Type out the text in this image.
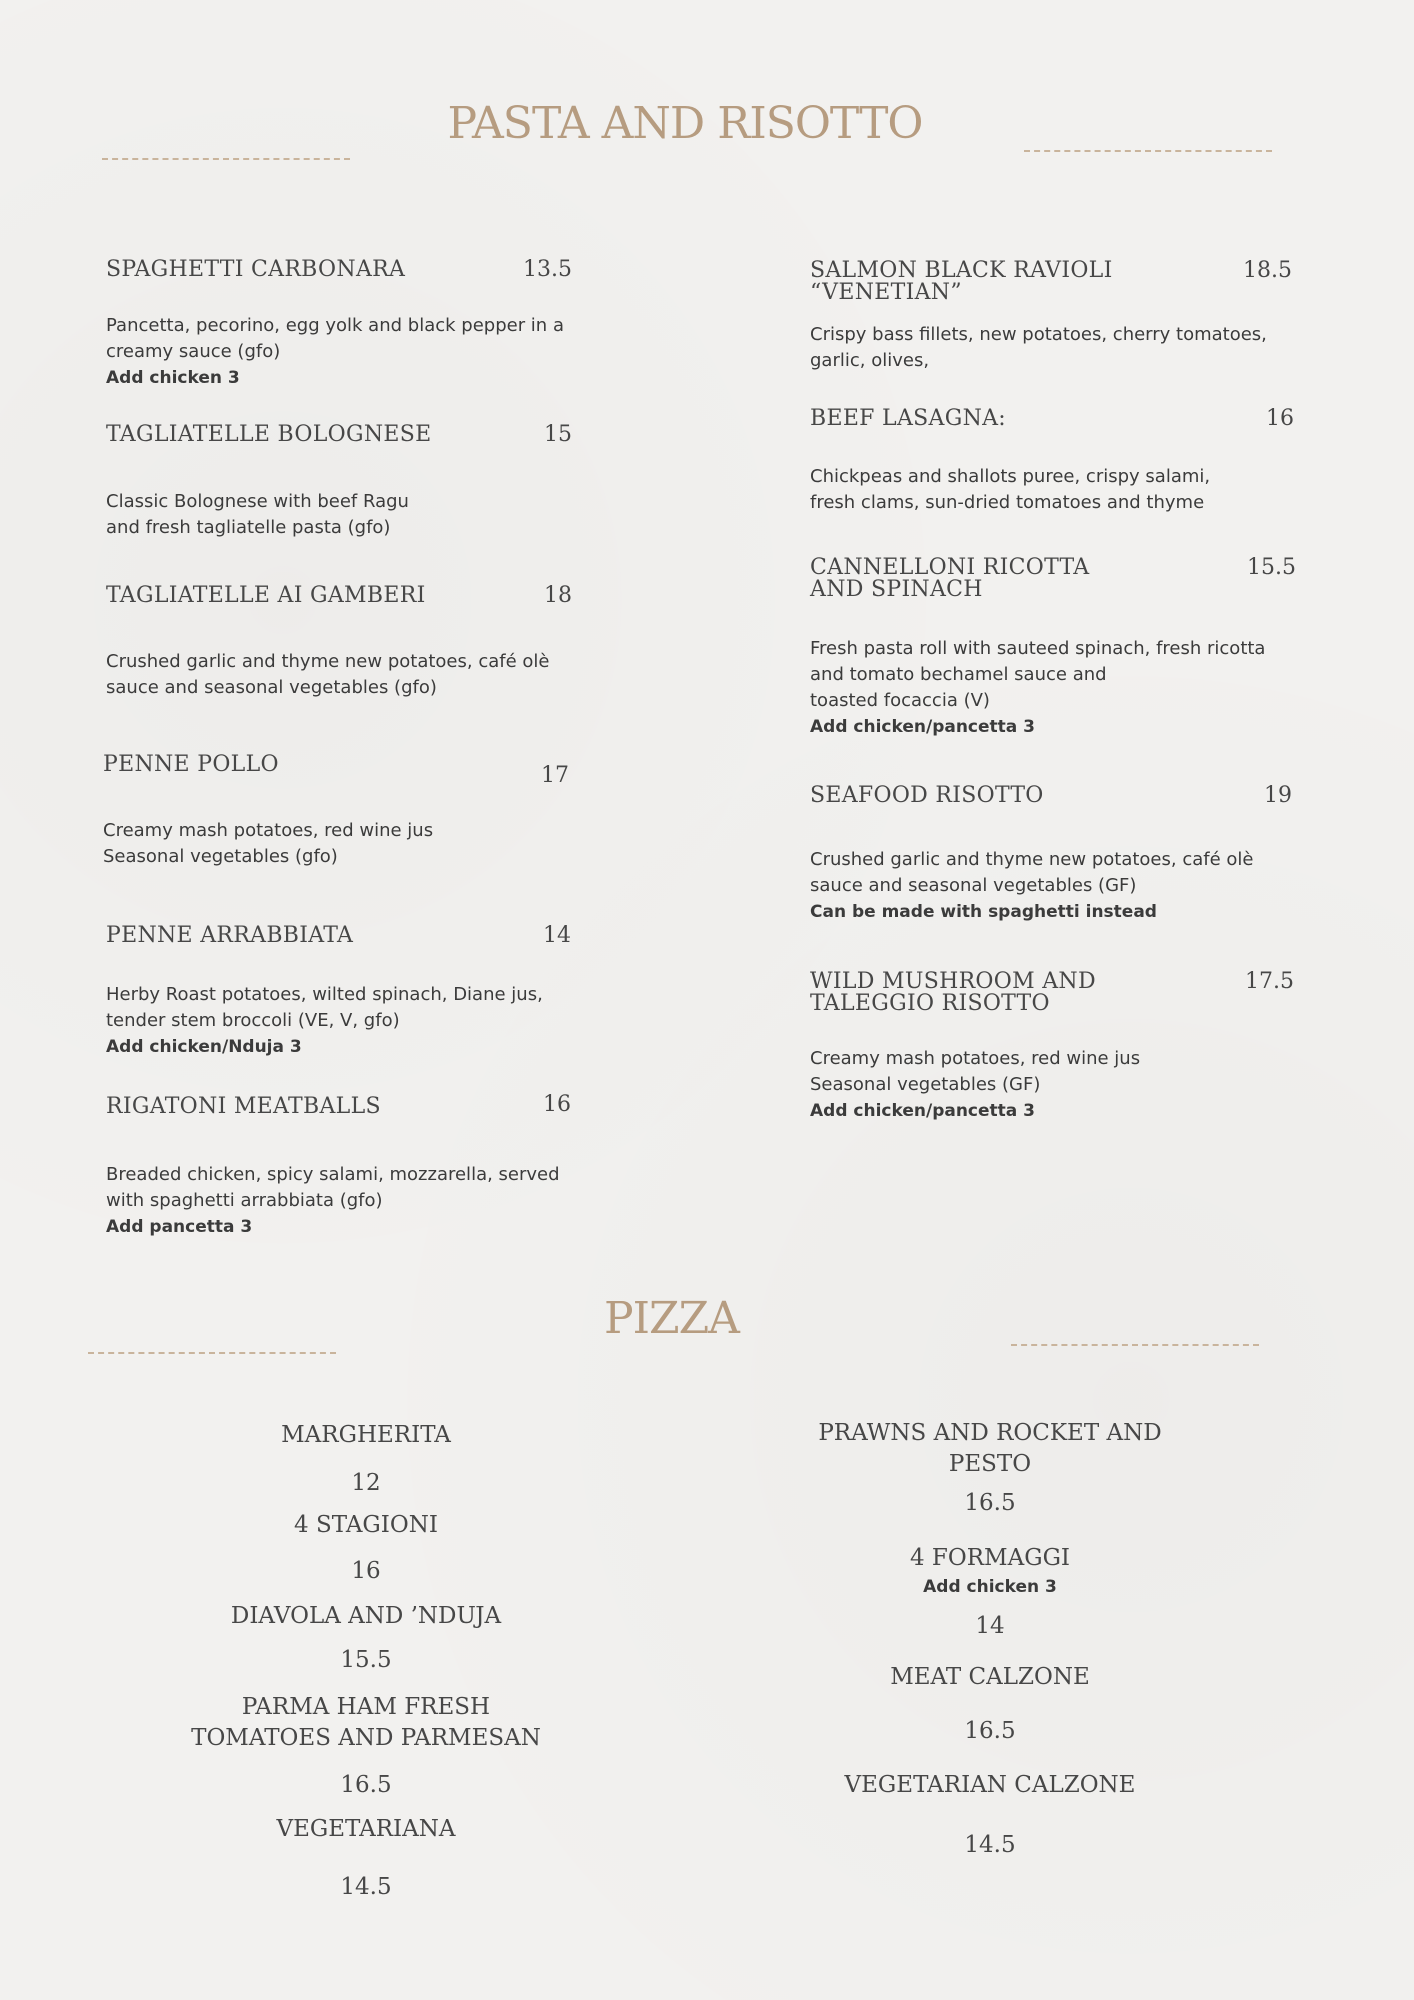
PASTA AND RISOTTO
PIZZA
SPAGHETTI CARBONARA	13.5
Pancetta, pecorino, egg yolk and black pepper in a
creamy sauce (gfo)
Add chicken 3
TAGLIATELLE BOLOGNESE	15
Classic Bolognese with beef Ragu
and fresh tagliatelle pasta (gfo)
TAGLIATELLE AI GAMBERI	18
Crushed garlic and thyme new potatoes, café olè
sauce and seasonal vegetables (gfo)
PENNE POLLO	17
Creamy mash potatoes, red wine jus
Seasonal vegetables (gfo)
PENNE ARRABBIATA	14
Herby Roast potatoes, wilted spinach, Diane jus,
tender stem broccoli (VE, V, gfo)
Add chicken/Nduja 3
RIGATONI MEATBALLS	16
Breaded chicken, spicy salami, mozzarella, served
with spaghetti arrabbiata (gfo)
Add pancetta 3
SALMON BLACK RAVIOLI
“VENETIAN”
18.5
Crispy bass fillets, new potatoes, cherry tomatoes,
garlic, olives,
BEEF LASAGNA:	16
Chickpeas and shallots puree, crispy salami,
fresh clams, sun-dried tomatoes and thyme
CANNELLONI RICOTTA
AND SPINACH
15.5
Fresh pasta roll with sauteed spinach, fresh ricotta
and tomato bechamel sauce and
toasted focaccia (V)
Add chicken/pancetta 3
SEAFOOD RISOTTO	19
Crushed garlic and thyme new potatoes, café olè
sauce and seasonal vegetables (GF)
Can be made with spaghetti instead
WILD MUSHROOM AND
TALEGGIO RISOTTO
17.5
Creamy mash potatoes, red wine jus
Seasonal vegetables (GF)
Add chicken/pancetta 3
MARGHERITA
12
4 STAGIONI
16
DIAVOLA AND ’NDUJA
15.5
PARMA HAM FRESH
TOMATOES AND PARMESAN
16.5
VEGETARIANA
14.5
PRAWNS AND ROCKET AND
PESTO
16.5
4 FORMAGGI
Add chicken 3
14
MEAT CALZONE
16.5
VEGETARIAN CALZONE
14.5
